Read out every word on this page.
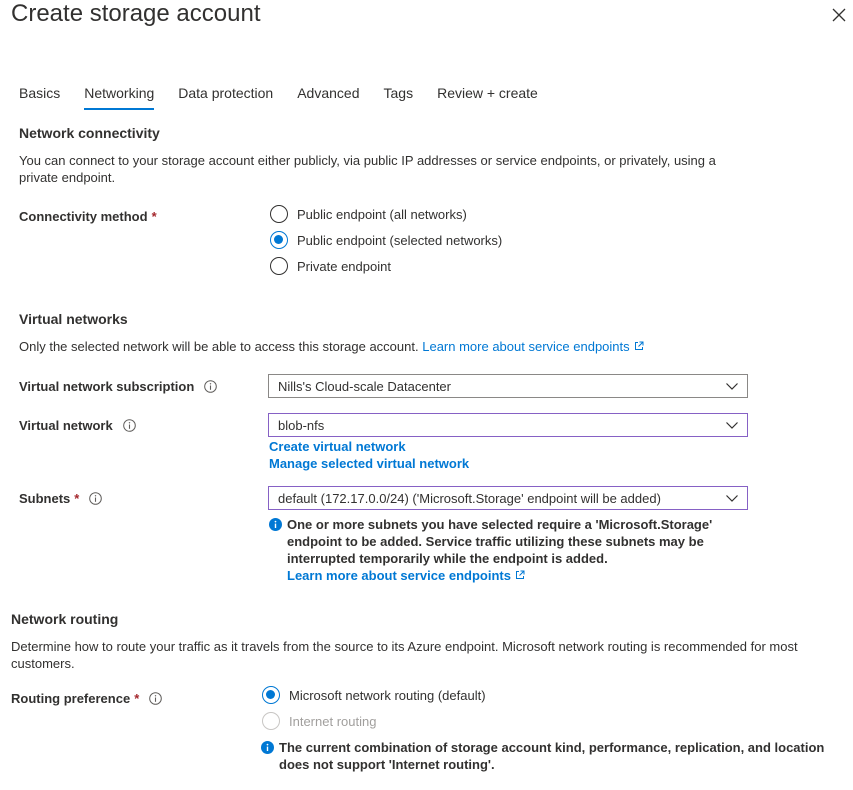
Create storage account
Basics Networking Data protection Advanced Tags Review + create
Network connectivity
You can connect to your storage account either publicly, via public IP addresses or service endpoints, or privately, using a private endpoint.
Connectivity method *	Public endpoint (all networks)
Public endpoint (selected networks)
Private endpoint
Virtual networks
Only the selected network will be able to access this storage account. Learn more about service endpoints
Virtual network subscription	Nills's Cloud-scale Datacenter
Virtual network	blob-nfs
Create virtual network
Manage selected virtual network
Subnets *	default (172.17.0.0/24) ('Microsoft.Storage' endpoint will be added)
One or more subnets you have selected require a 'Microsoft.Storage' endpoint to be added. Service traffic utilizing these subnets may be interrupted temporarily while the endpoint is added.
Learn more about service endpoints
Network routing
Determine how to route your traffic as it travels from the source to its Azure endpoint. Microsoft network routing is recommended for most customers.
Routing preference *	Microsoft network routing (default)
Internet routing
The current combination of storage account kind, performance, replication, and location does not support 'Internet routing'.
